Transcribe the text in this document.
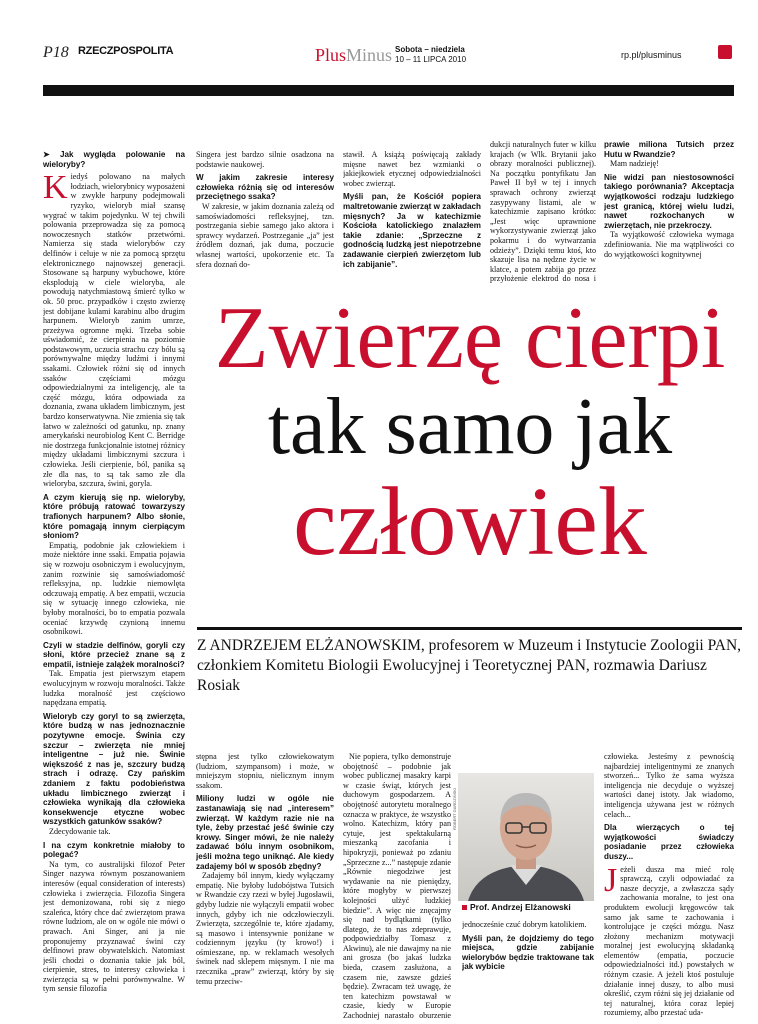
P18 RZECZPOSPOLITA	PlusMinus Sobota – niedziela
10 – 11 LIPCA 2010	rp.pl/plusminus

➤ Jak wygląda polowanie na wieloryby?

Kiedyś polowano na małych łodziach, wielorybnicy wyposażeni w zwykłe harpuny podejmowali ryzyko, wieloryb miał szansę wygrać w takim pojedynku. W tej chwili polowania przeprowadza się za pomocą nowoczesnych statków przetwórni. Namierza się stada wielorybów czy delfinów i celuje w nie za pomocą sprzętu elektronicznego najnowszej generacji. Stosowane są harpuny wybuchowe, które eksplodują w ciele wieloryba, ale powodują natychmiastową śmierć tylko w ok. 50 proc. przypadków i często zwierzę jest dobijane kulami karabinu albo drugim harpunem. Wieloryb zanim umrze, przeżywa ogromne męki. Trzeba sobie uświadomić, że cierpienia na poziomie podstawowym, uczucia strachu czy bólu są porównywalne między ludźmi i innymi ssakami. Człowiek różni się od innych ssaków częściami mózgu odpowiedzialnymi za inteligencję, ale ta część mózgu, która odpowiada za doznania, zwana układem limbicznym, jest bardzo konserwatywna. Nie zmienia się tak łatwo w zależności od gatunku, np. znany amerykański neurobiolog Kent C. Berridge nie dostrzega funkcjonalnie istotnej różnicy między układami limbicznymi szczura i człowieka. Jeśli cierpienie, ból, panika są złe dla nas, to są tak samo złe dla wieloryba, szczura, świni, goryla.

A czym kierują się np. wieloryby, które próbują ratować towarzyszy trafionych harpunem? Albo słonie, które pomagają innym cierpiącym słoniom?

Empatią, podobnie jak człowiekiem i może niektóre inne ssaki. Empatia pojawia się w rozwoju osobniczym i ewolucyjnym, zanim rozwinie się samoświadomość refleksyjna, np. ludzkie niemowlęta odczuwają empatię. A bez empatii, wczucia się w sytuację innego człowieka, nie byłoby moralności, bo to empatia pozwala oceniać krzywdę czynioną innemu osobnikowi.

Czyli w stadzie delfinów, goryli czy słoni, które przecież znane są z empatii, istnieje zalążek moralności?

Tak. Empatia jest pierwszym etapem ewolucyjnym w rozwoju moralności. Także ludzka moralność jest częściowo napędzana empatią.

Wieloryb czy goryl to są zwierzęta, które budzą w nas jednoznacznie pozytywne emocje. Świnia czy szczur – zwierzęta nie mniej inteligentne – już nie. Świnie większość z nas je, szczury budzą strach i odrazę. Czy pańskim zdaniem z faktu podobieństwa układu limbicznego zwierząt i człowieka wynikają dla człowieka konsekwencje etyczne wobec wszystkich gatunków ssaków?

Zdecydowanie tak.

I na czym konkretnie miałoby to polegać?

Na tym, co australijski filozof Peter Singer nazywa równym poszanowaniem interesów (equal consideration of interests) człowieka i zwierzęcia. Filozofia Singera jest demonizowana, robi się z niego szaleńca, który chce dać zwierzętom prawa równe ludziom, ale on w ogóle nie mówi o prawach. Ani Singer, ani ja nie proponujemy przyznawać świni czy delfinowi praw obywatelskich. Natomiast jeśli chodzi o doznania takie jak ból, cierpienie, stres, to interesy człowieka i zwierzęcia są w pełni porównywalne. W tym sensie filozofia

Singera jest bardzo silnie osadzona na podstawie naukowej.

W jakim zakresie interesy człowieka różnią się od interesów przeciętnego ssaka?

W zakresie, w jakim doznania zależą od samoświadomości refleksyjnej, tzn. postrzegania siebie samego jako aktora i sprawcy wydarzeń. Postrzeganie „ja” jest źródłem doznań, jak duma, poczucie własnej wartości, upokorzenie etc. Ta sfera doznań do-

stawił. A książą poświęcają zakłady mięsne nawet bez wzmianki o jakiejkowiek etycznej odpowiedzialności wobec zwierząt.

Myśli pan, że Kościół popiera maltretowanie zwierząt w zakładach mięsnych? Ja w katechizmie Kościoła katolickiego znalazłem takie zdanie: „Sprzeczne z godnością ludzką jest niepotrzebne zadawanie cierpień zwierzętom lub ich zabijanie”.

dukcji naturalnych futer w kilku krajach (w Wlk. Brytanii jako obrazy moralności publicznej). Na początku pontyfikatu Jan Paweł II był w tej i innych sprawach ochrony zwierząt zasypywany listami, ale w katechizmie zapisano krótko: „Jest więc uprawnione wykorzystywanie zwierząt jako pokarmu i do wytwarzania odzieży”. Dzięki temu ktoś, kto skazuje lisa na nędzne życie w klatce, a potem zabija go przez przyłożenie elektrod do nosa i

prawie miliona Tutsich przez Hutu w Rwandzie?

Mam nadzieję!

Nie widzi pan niestosowności takiego porównania? Akceptacja wyjątkowości rodzaju ludzkiego jest granicą, której wielu ludzi, nawet rozkochanych w zwierzętach, nie przekroczy.

Ta wyjątkowość człowieka wymaga zdefiniowania. Nie ma wątpliwości co do wyjątkowości kognitywnej

Zwierzę cierpi
tak samo jak
człowiek
Z ANDRZEJEM ELŻANOWSKIM, profesorem w Muzeum i Instytucie Zoologii PAN, członkiem Komitetu Biologii Ewolucyjnej i Teoretycznej PAN, rozmawia Dariusz Rosiak

stępna jest tylko człowiekowatym (ludziom, szympansom) i może, w mniejszym stopniu, nielicznym innym ssakom.

Miliony ludzi w ogóle nie zastanawiają się nad „interesem” zwierząt. W każdym razie nie na tyle, żeby przestać jeść świnie czy krowy. Singer mówi, że nie należy zadawać bólu innym osobnikom, jeśli można tego uniknąć. Ale kiedy zadajemy ból w sposób zbędny?

Zadajemy ból innym, kiedy wyłączamy empatię. Nie byłoby ludobójstwa Tutsich w Rwandzie czy rzezi w byłej Jugosławii, gdyby ludzie nie wyłączyli empatii wobec innych, gdyby ich nie odczłowieczyli. Zwierzęta, szczególnie te, które zjadamy, są masowo i intensywnie poniżane w codziennym języku (ty krowo!) i ośmieszane, np. w reklamach wesołych świnek nad sklepem mięsnym. I nie ma rzecznika „praw” zwierząt, który by się temu przeciw-

Nie popiera, tylko demonstruje obojętność – podobnie jak wobec publicznej masakry karpi w czasie świąt, których jest duchowym gospodarzem. A obojętność autorytetu moralnego oznacza w praktyce, że wszystko wolno. Katechizm, który pan cytuje, jest spektakularną mieszanką zacofania i hipokryzji, ponieważ po zdaniu „Sprzeczne z...” następuje zdanie „Równie niegodziwe jest wydawanie na nie pieniędzy, które mogłyby w pierwszej kolejności ulżyć ludzkiej biedzie”. A więc nie znęcajmy się nad bydlątkami (tylko dlatego, że to nas zdeprawuje, podpowiedziałby Tomasz z Akwinu), ale nie dawajmy na nie ani grosza (bo jakaś ludzka bieda, czasem zasłużona, a czasem nie, zawsze gdzieś będzie). Zwracam też uwagę, że ten katechizm powstawał w czasie, kiedy w Europie Zachodniej narastało oburzenie

Prof. Andrzej Elżanowski
ROBERT GARDZIŃSKI

jednocześnie czuć dobrym katolikiem.

Myśli pan, że dojdziemy do tego miejsca, gdzie zabijanie wielorybów będzie traktowane tak jak wybicie

człowieka. Jesteśmy z pewnością najbardziej inteligentnymi ze znanych stworzeń... Tylko że sama wyższa inteligencja nie decyduje o wyższej wartości danej istoty. Jak wiadomo, inteligencja używana jest w różnych celach...

Dla wierzących o tej wyjątkowości świadczy posiadanie przez człowieka duszy...

Jeżeli dusza ma mieć rolę sprawczą, czyli odpowiadać za nasze decyzje, a zwłaszcza sądy zachowania moralne, to jest ona produktem ewolucji kręgowców tak samo jak same te zachowania i kontrolujące je części mózgu. Nasz złożony mechanizm motywacji moralnej jest ewolucyjną składanką elementów (empatia, poczucie odpowiedzialności itd.) powstałych w różnym czasie. A jeżeli ktoś postuluje działanie innej duszy, to albo musi określić, czym różni się jej działanie od tej naturalnej, która coraz lepiej rozumiemy, albo przestać uda-
